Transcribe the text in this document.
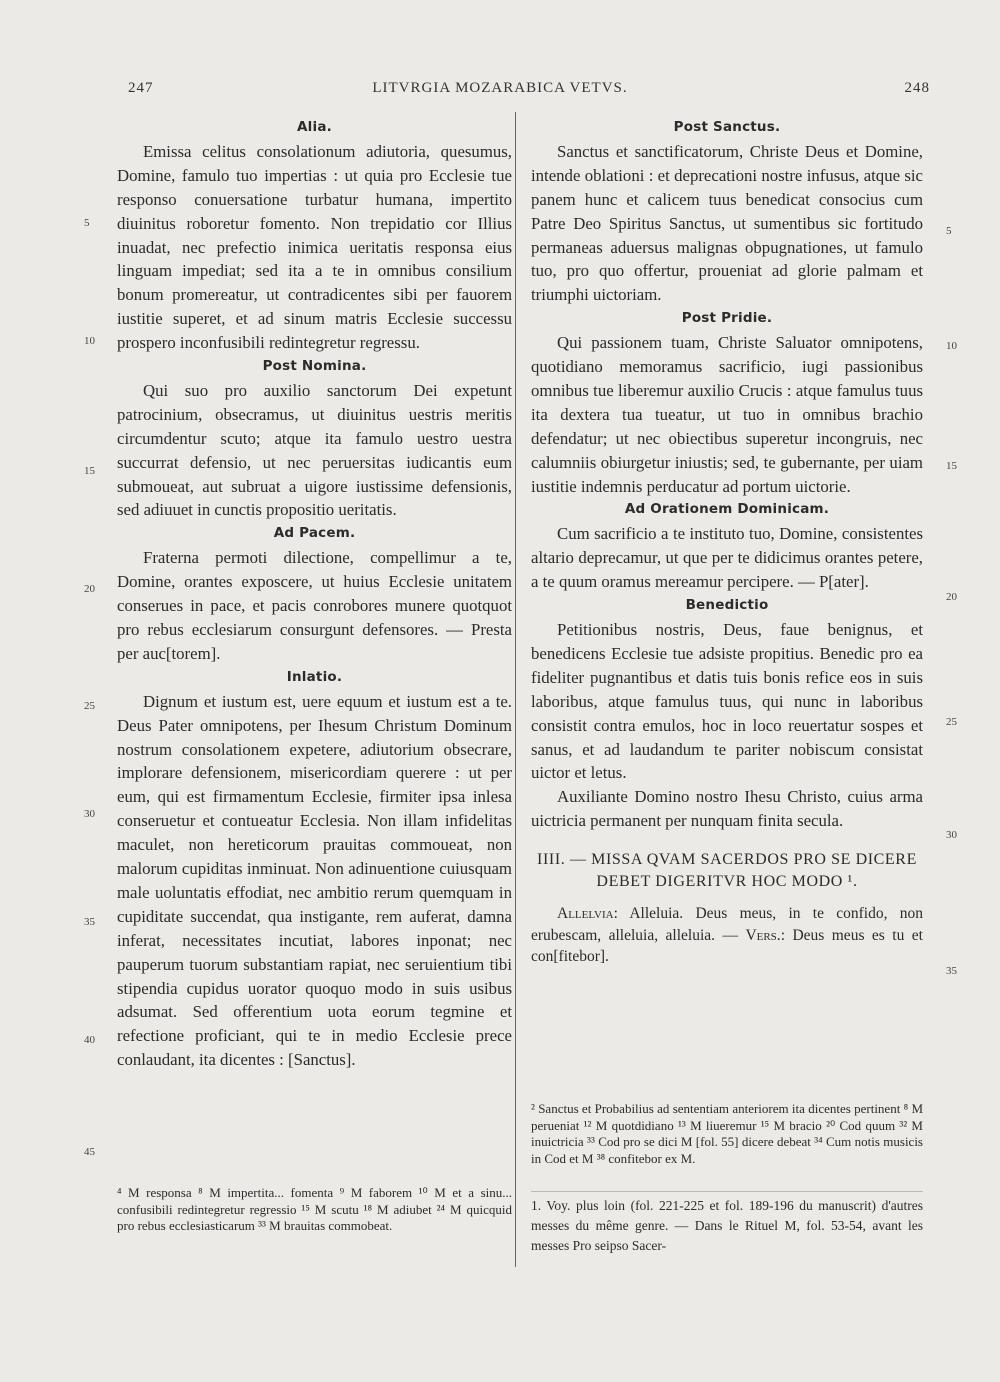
247	LITVRGIA MOZARABICA VETVS.	248
Alia.

Emissa celitus consolationum adiutoria, quesumus, Domine, famulo tuo impertias : ut quia pro Ecclesie tue responso conuersatione turbatur humana, impertito diuinitus roboretur fomento. Non trepidatio cor Illius inuadat, nec prefectio inimica ueritatis responsa eius linguam impediat; sed ita a te in omnibus consilium bonum promereatur, ut contradicentes sibi per fauorem iustitie superet, et ad sinum matris Ecclesie successu prospero inconfusibili redintegretur regressu.

Post Nomina.

Qui suo pro auxilio sanctorum Dei expetunt patrocinium, obsecramus, ut diuinitus uestris meritis circumdentur scuto; atque ita famulo uestro uestra succurrat defensio, ut nec peruersitas iudicantis eum submoueat, aut subruat a uigore iustissime defensionis, sed adiuuet in cunctis propositio ueritatis.

Ad Pacem.

Fraterna permoti dilectione, compellimur a te, Domine, orantes exposcere, ut huius Ecclesie unitatem conserues in pace, et pacis conrobores munere quotquot pro rebus ecclesiarum consurgunt defensores. — Presta per auc[torem].

Inlatio.

Dignum et iustum est, uere equum et iustum est a te. Deus Pater omnipotens, per Ihesum Christum Dominum nostrum consolationem expetere, adiutorium obsecrare, implorare defensionem, misericordiam querere : ut per eum, qui est firmamentum Ecclesie, firmiter ipsa inlesa conseruetur et contueatur Ecclesia. Non illam infidelitas maculet, non hereticorum prauitas commoueat, non malorum cupiditas inminuat. Non adinuentione cuiusquam male uoluntatis effodiat, nec ambitio rerum quemquam in cupiditate succendat, qua instigante, rem auferat, damna inferat, necessitates incutiat, labores inponat; nec pauperum tuorum substantiam rapiat, nec seruientium tibi stipendia cupidus uorator quoquo modo in suis usibus adsumat. Sed offerentium uota eorum tegmine et refectione proficiant, qui te in medio Ecclesie prece conlaudant, ita dicentes : [Sanctus].

⁴ M responsa ⁸ M impertita... fomenta ⁹ M faborem ¹⁰ M et a sinu... confusibili redintegretur regressio ¹⁵ M scutu ¹⁸ M adiubet ²⁴ M quicquid pro rebus ecclesiasticarum ³³ M brauitas commobeat.
Post Sanctus.

Sanctus et sanctificatorum, Christe Deus et Domine, intende oblationi : et deprecationi nostre infusus, atque sic panem hunc et calicem tuus benedicat consocius cum Patre Deo Spiritus Sanctus, ut sumentibus sic fortitudo permaneas aduersus malignas obpugnationes, ut famulo tuo, pro quo offertur, proueniat ad glorie palmam et triumphi uictoriam.

Post Pridie.

Qui passionem tuam, Christe Saluator omnipotens, quotidiano memoramus sacrificio, iugi passionibus omnibus tue liberemur auxilio Crucis : atque famulus tuus ita dextera tua tueatur, ut tuo in omnibus brachio defendatur; ut nec obiectibus superetur incongruis, nec calumniis obiurgetur iniustis; sed, te gubernante, per uiam iustitie indemnis perducatur ad portum uictorie.

Ad Orationem Dominicam.

Cum sacrificio a te instituto tuo, Domine, consistentes altario deprecamur, ut que per te didicimus orantes petere, a te quum oramus mereamur percipere. — P[ater].

Benedictio

Petitionibus nostris, Deus, faue benignus, et benedicens Ecclesie tue adsiste propitius. Benedic pro ea fideliter pugnantibus et datis tuis bonis refice eos in suis laboribus, atque famulus tuus, qui nunc in laboribus consistit contra emulos, hoc in loco reuertatur sospes et sanus, et ad laudandum te pariter nobiscum consistat uictor et letus.

Auxiliante Domino nostro Ihesu Christo, cuius arma uictricia permanent per nunquam finita secula.

IIII. — MISSA QVAM SACERDOS PRO SE DICERE

DEBET DIGERITVR HOC MODO ¹.

Allelvia: Alleluia. Deus meus, in te confido, non erubescam, alleluia, alleluia. — Vers.: Deus meus es tu et con[fitebor].

² Sanctus et Probabilius ad sententiam anteriorem ita dicentes pertinent ⁸ M perueniat ¹² M quotdidiano ¹³ M liueremur ¹⁵ M bracio ²⁰ Cod quum ³² M inuictricia ³³ Cod pro se dici M [fol. 55] dicere debeat ³⁴ Cum notis musicis in Cod et M ³⁸ confitebor ex M.
1. Voy. plus loin (fol. 221-225 et fol. 189-196 du manuscrit) d'autres messes du même genre. — Dans le Rituel M, fol. 53-54, avant les messes Pro seipso Sacer-
5
10
15
20
25
30
35
40
45
5
10
15
20
25
30
35
